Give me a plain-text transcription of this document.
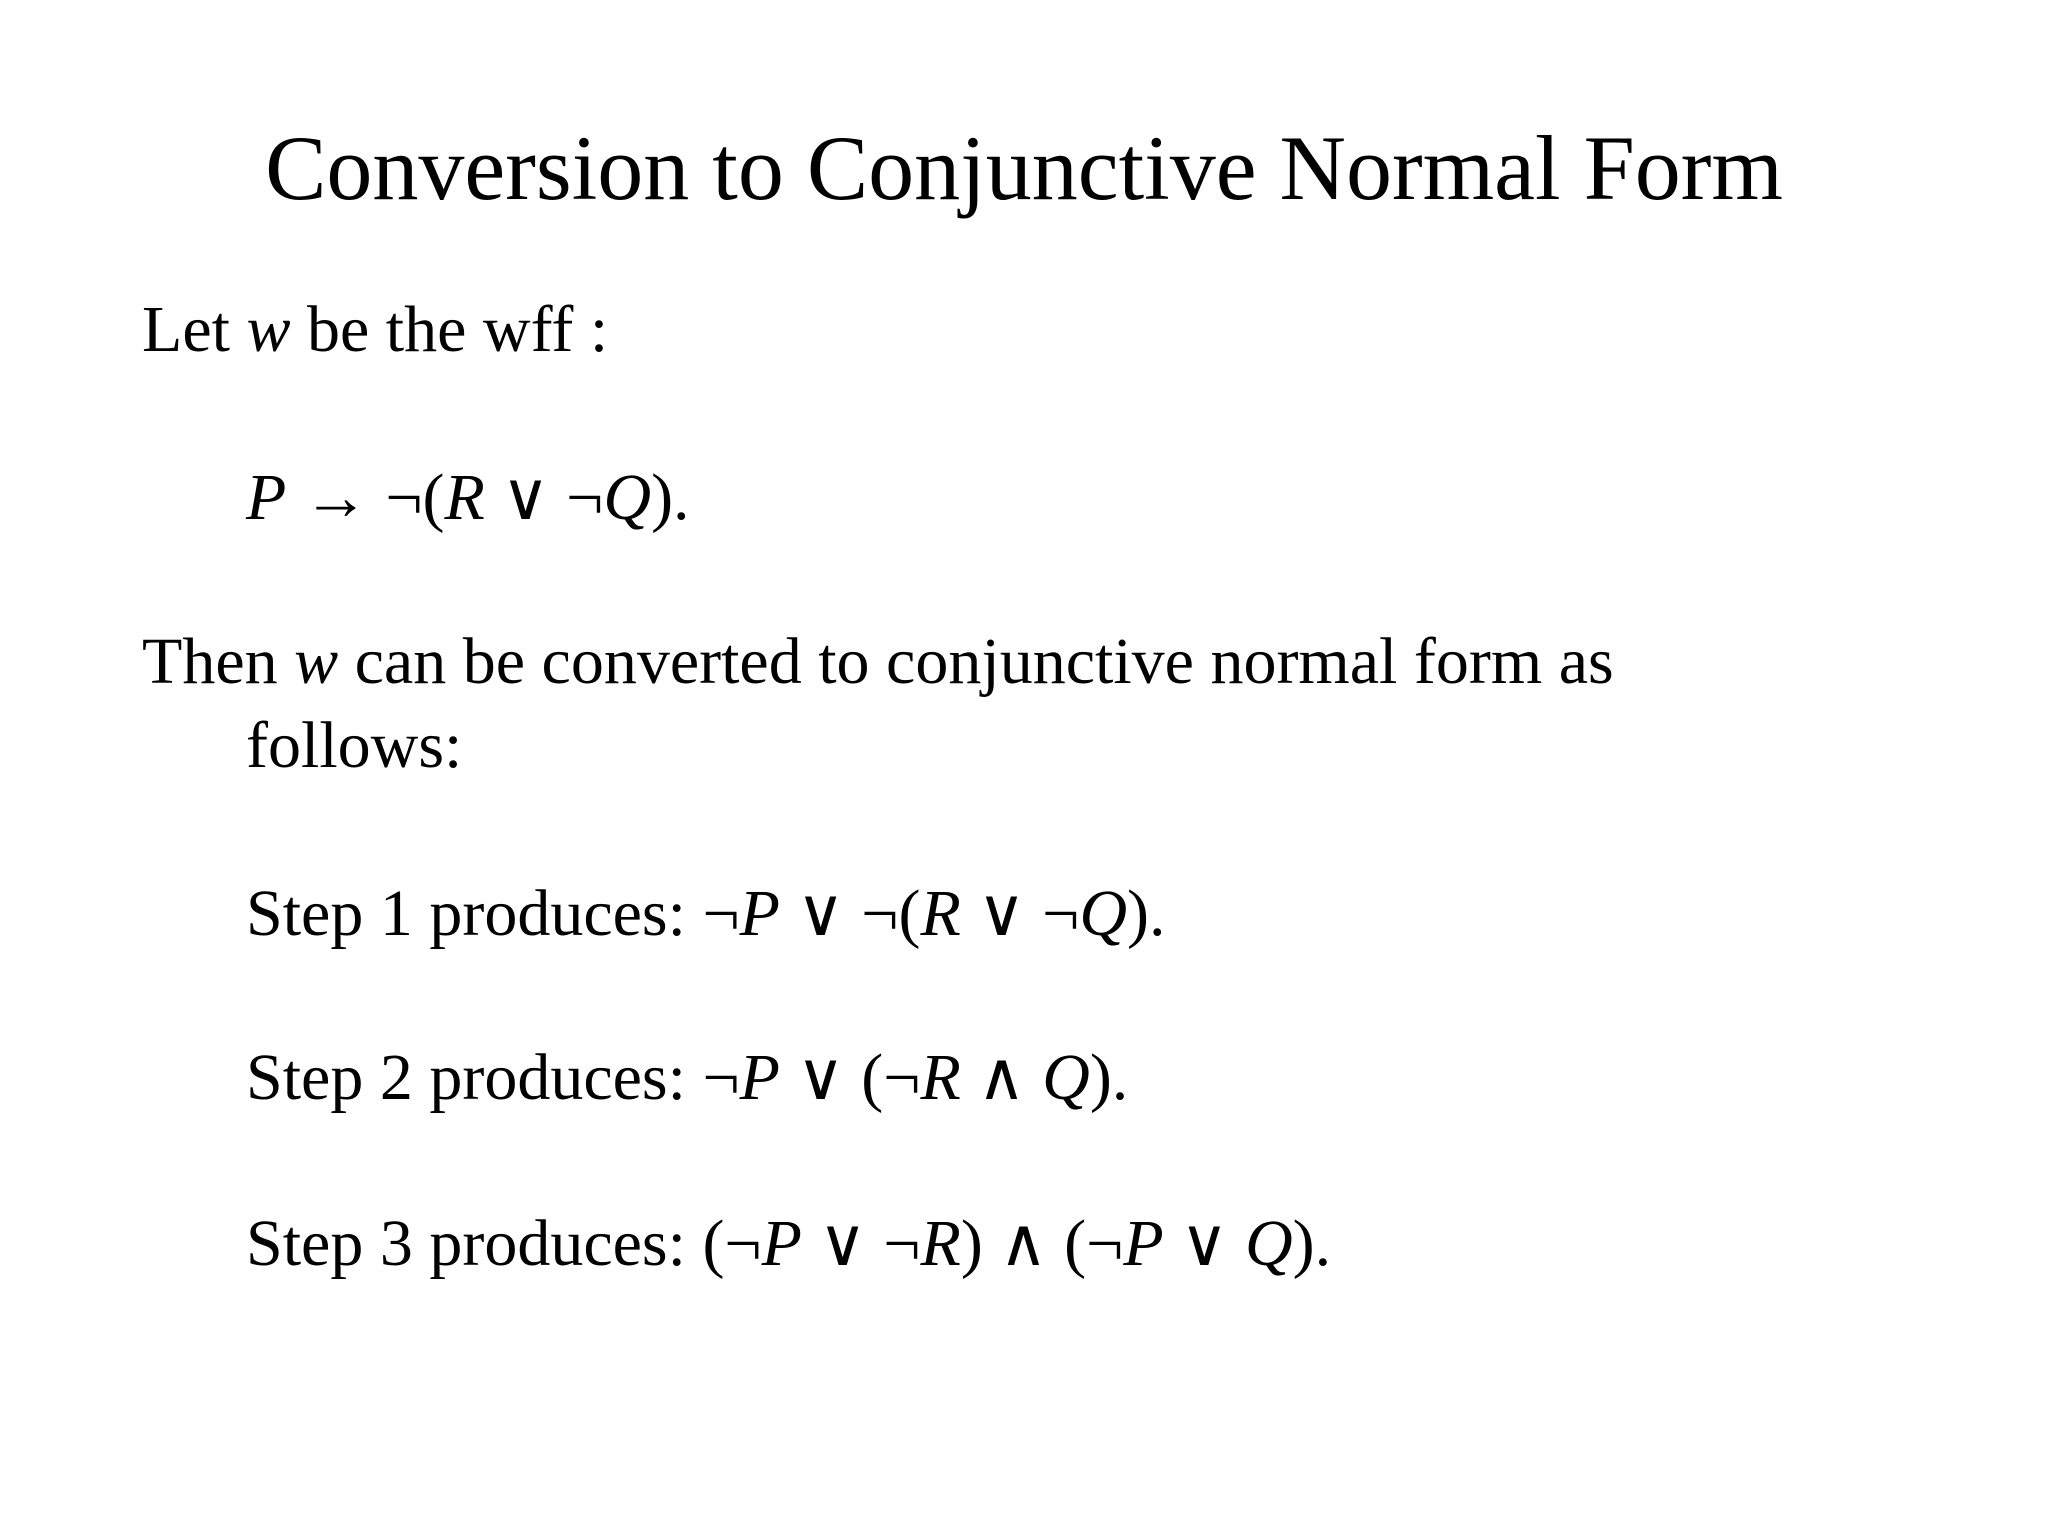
Conversion to Conjunctive Normal Form

Let w be the wff :

P → ¬(R ∨ ¬Q).

Then w can be converted to conjunctive normal form as

follows:

Step 1 produces: ¬P ∨ ¬(R ∨ ¬Q).

Step 2 produces: ¬P ∨ (¬R ∧ Q).

Step 3 produces: (¬P ∨ ¬R) ∧ (¬P ∨ Q).
